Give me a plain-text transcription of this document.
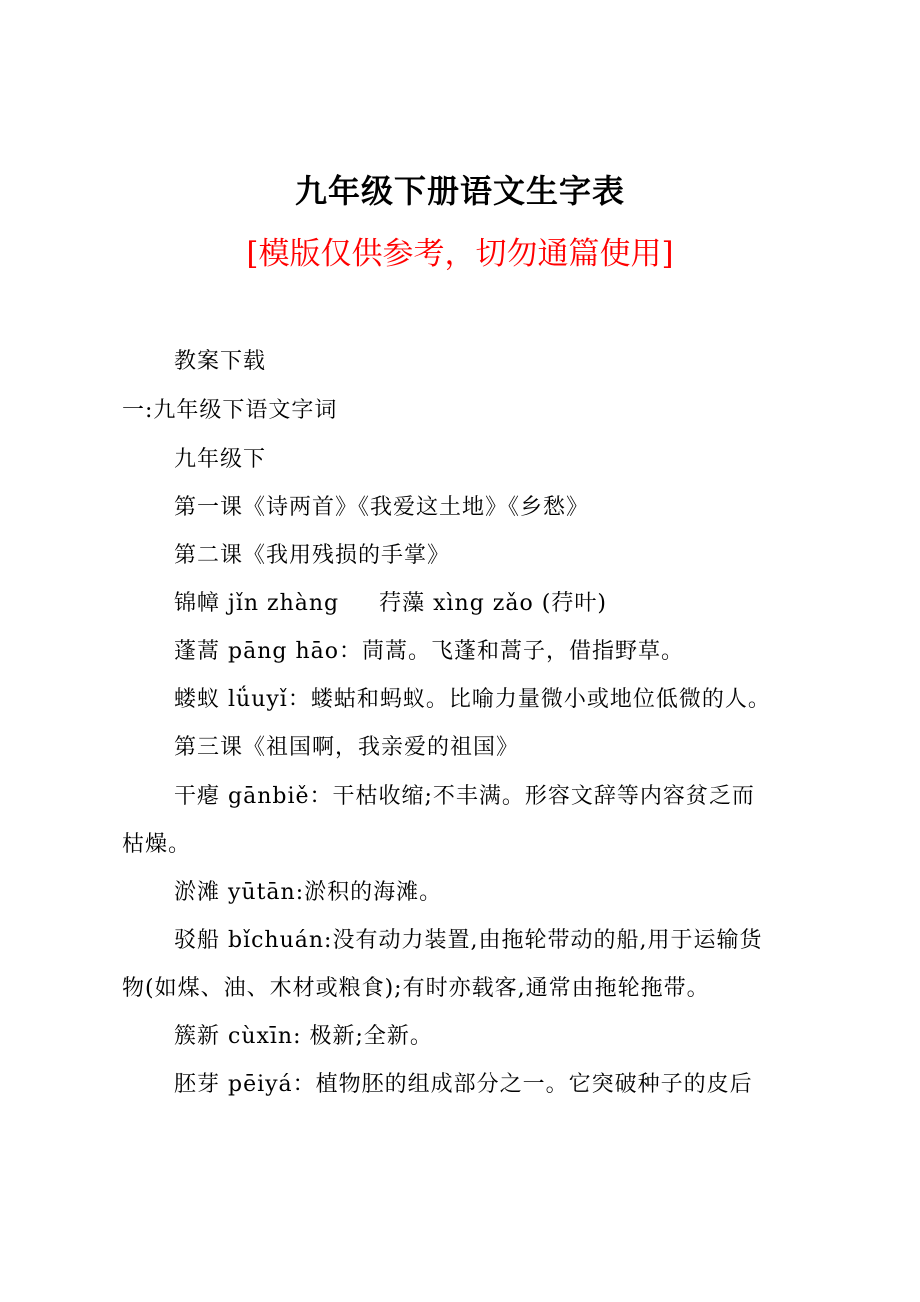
九年级下册语文生字表
[模版仅供参考，切勿通篇使用]
教案下载
一:九年级下语文字词
九年级下
第一课《诗两首》《我爱这土地》《乡愁》
第二课《我用残损的手掌》
锦幛 jǐn zhàng     荇藻 xìng zǎo (荇叶)
蓬蒿 pāng hāo：茼蒿。飞蓬和蒿子，借指野草。
蝼蚁 lǘuyǐ：蝼蛄和蚂蚁。比喻力量微小或地位低微的人。
第三课《祖国啊，我亲爱的祖国》
干瘪 gānbiě：干枯收缩;不丰满。形容文辞等内容贫乏而
枯燥。
淤滩 yūtān:淤积的海滩。
驳船 bǐchuán:没有动力装置,由拖轮带动的船,用于运输货
物(如煤、油、木材或粮食);有时亦载客,通常由拖轮拖带。
簇新 cùxīn: 极新;全新。
胚芽 pēiyá：植物胚的组成部分之一。它突破种子的皮后
